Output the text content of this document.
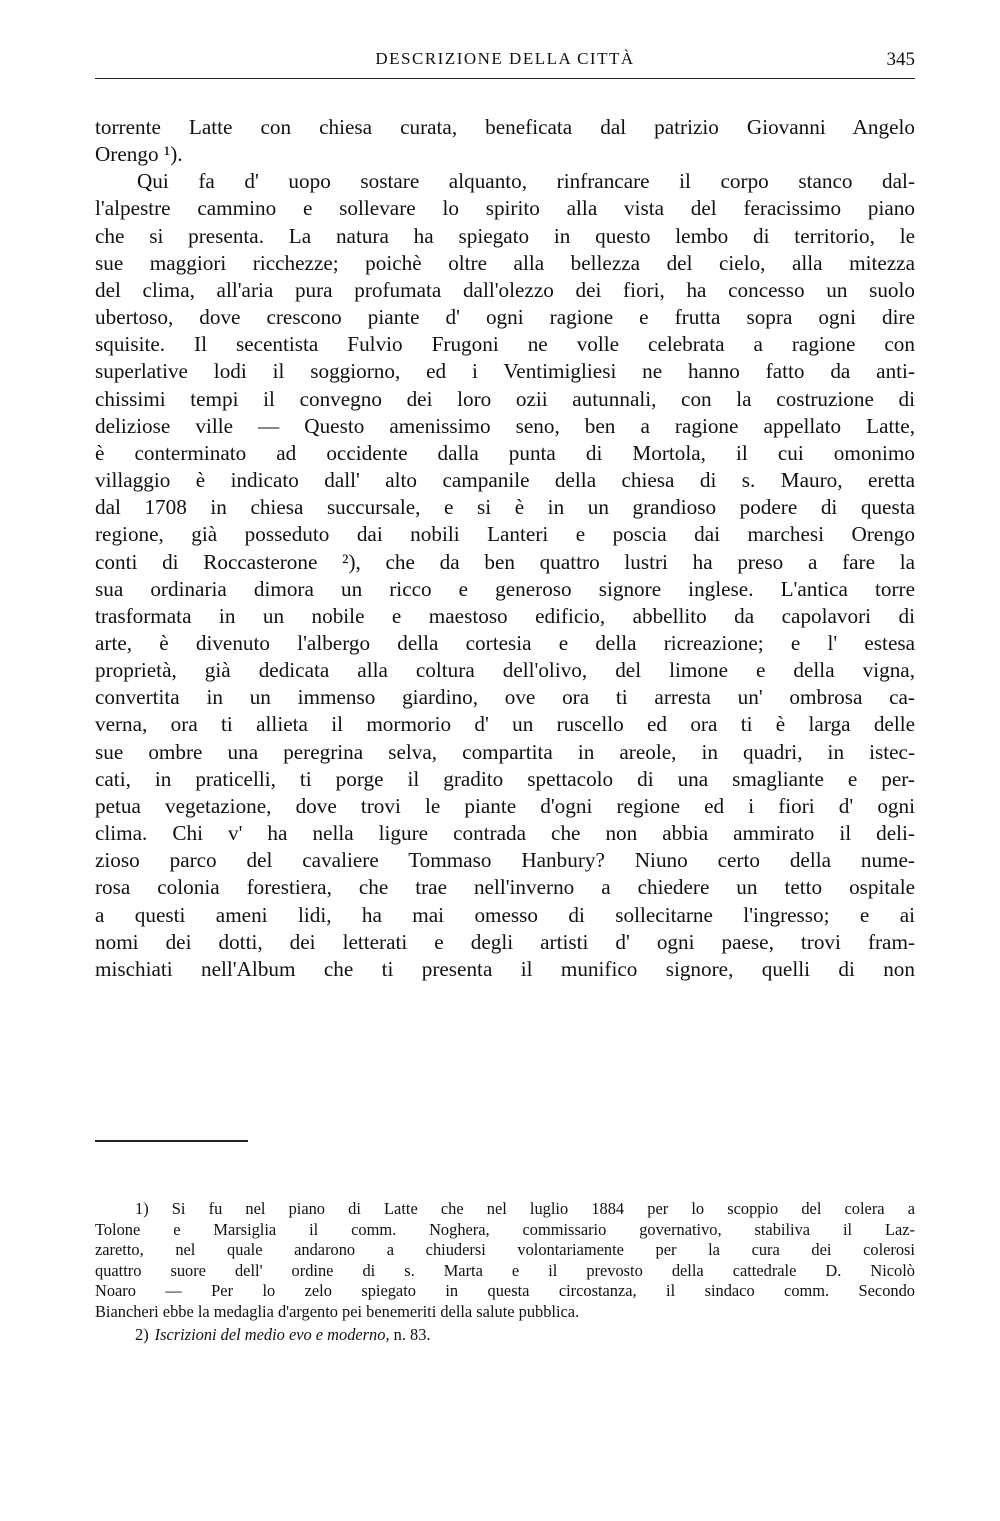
DESCRIZIONE DELLA CITTÀ	345
torrente Latte con chiesa curata, beneficata dal patrizio Giovanni Angelo
Orengo ¹).
Qui fa d' uopo sostare alquanto, rinfrancare il corpo stanco dal-
l'alpestre cammino e sollevare lo spirito alla vista del feracissimo piano
che si presenta. La natura ha spiegato in questo lembo di territorio, le
sue maggiori ricchezze; poichè oltre alla bellezza del cielo, alla mitezza
del clima, all'aria pura profumata dall'olezzo dei fiori, ha concesso un suolo
ubertoso, dove crescono piante d' ogni ragione e frutta sopra ogni dire
squisite. Il secentista Fulvio Frugoni ne volle celebrata a ragione con
superlative lodi il soggiorno, ed i Ventimigliesi ne hanno fatto da anti-
chissimi tempi il convegno dei loro ozii autunnali, con la costruzione di
deliziose ville — Questo amenissimo seno, ben a ragione appellato Latte,
è conterminato ad occidente dalla punta di Mortola, il cui omonimo
villaggio è indicato dall' alto campanile della chiesa di s. Mauro, eretta
dal 1708 in chiesa succursale, e si è in un grandioso podere di questa
regione, già posseduto dai nobili Lanteri e poscia dai marchesi Orengo
conti di Roccasterone ²), che da ben quattro lustri ha preso a fare la
sua ordinaria dimora un ricco e generoso signore inglese. L'antica torre
trasformata in un nobile e maestoso edificio, abbellito da capolavori di
arte, è divenuto l'albergo della cortesia e della ricreazione; e l' estesa
proprietà, già dedicata alla coltura dell'olivo, del limone e della vigna,
convertita in un immenso giardino, ove ora ti arresta un' ombrosa ca-
verna, ora ti allieta il mormorio d' un ruscello ed ora ti è larga delle
sue ombre una peregrina selva, compartita in areole, in quadri, in istec-
cati, in praticelli, ti porge il gradito spettacolo di una smagliante e per-
petua vegetazione, dove trovi le piante d'ogni regione ed i fiori d' ogni
clima. Chi v' ha nella ligure contrada che non abbia ammirato il deli-
zioso parco del cavaliere Tommaso Hanbury? Niuno certo della nume-
rosa colonia forestiera, che trae nell'inverno a chiedere un tetto ospitale
a questi ameni lidi, ha mai omesso di sollecitarne l'ingresso; e ai
nomi dei dotti, dei letterati e degli artisti d' ogni paese, trovi fram-
mischiati nell'Album che ti presenta il munifico signore, quelli di non
1) Si fu nel piano di Latte che nel luglio 1884 per lo scoppio del colera a
Tolone e Marsiglia il comm. Noghera, commissario governativo, stabiliva il Laz-
zaretto, nel quale andarono a chiudersi volontariamente per la cura dei colerosi
quattro suore dell' ordine di s. Marta e il prevosto della cattedrale D. Nicolò
Noaro — Per lo zelo spiegato in questa circostanza, il sindaco comm. Secondo
Biancheri ebbe la medaglia d'argento pei benemeriti della salute pubblica.
2) Iscrizioni del medio evo e moderno, n. 83.
